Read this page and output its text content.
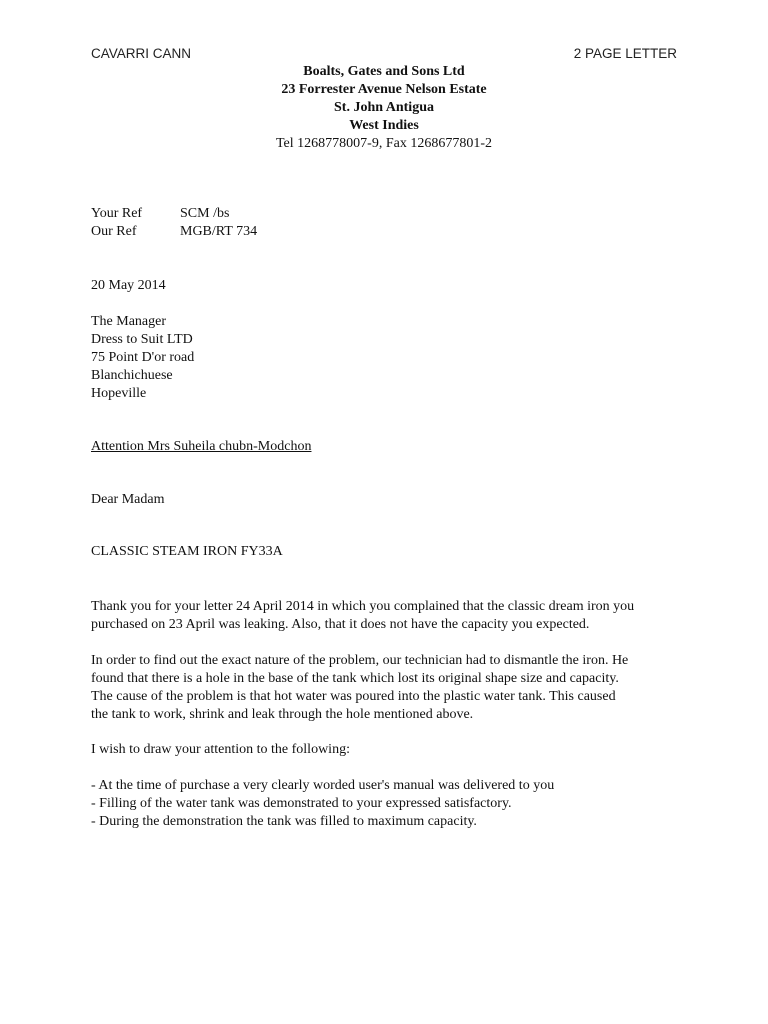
CAVARRI CANN	2 PAGE LETTER
Boalts, Gates and Sons Ltd
23 Forrester Avenue Nelson Estate
St. John Antigua
West Indies
Tel 1268778007-9, Fax 1268677801-2
Your Ref	SCM /bs
Our Ref	MGB/RT 734
20 May 2014
The Manager
Dress to Suit LTD
75 Point D'or road
Blanchichuese
Hopeville
Attention Mrs Suheila chubn-Modchon
Dear Madam
CLASSIC STEAM IRON FY33A
Thank you for your letter 24 April 2014 in which you complained that the classic dream iron you
purchased on 23 April was leaking. Also, that it does not have the capacity you expected.
In order to find out the exact nature of the problem, our technician had to dismantle the iron. He
found that there is a hole in the base of the tank which lost its original shape size and capacity.
The cause of the problem is that hot water was poured into the plastic water tank. This caused
the tank to work, shrink and leak through the hole mentioned above.
I wish to draw your attention to the following:
- At the time of purchase a very clearly worded user's manual was delivered to you
- Filling of the water tank was demonstrated to your expressed satisfactory.
- During the demonstration the tank was filled to maximum capacity.
